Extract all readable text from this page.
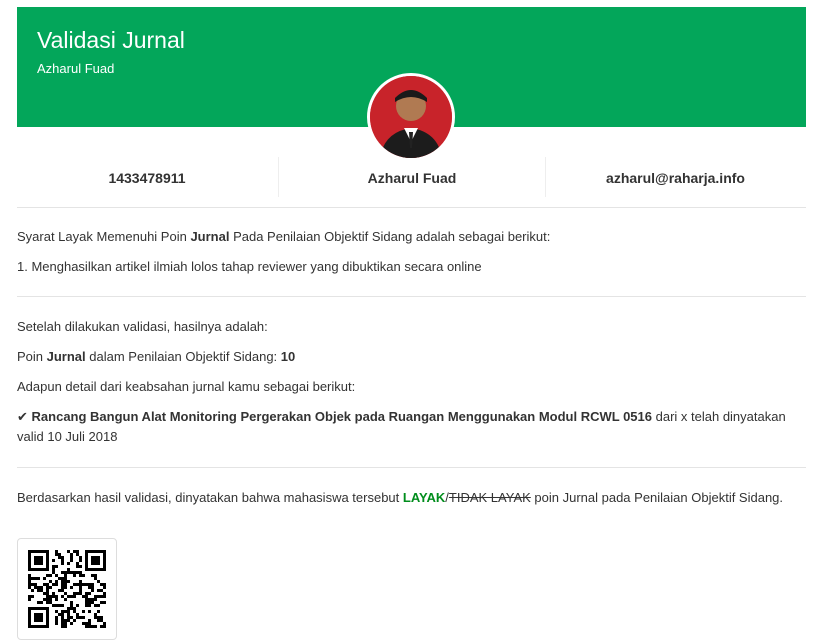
Validasi Jurnal
Azharul Fuad
1433478911	Azharul Fuad	azharul@raharja.info
Syarat Layak Memenuhi Poin Jurnal Pada Penilaian Objektif Sidang adalah sebagai berikut:
1. Menghasilkan artikel ilmiah lolos tahap reviewer yang dibuktikan secara online
Setelah dilakukan validasi, hasilnya adalah:
Poin Jurnal dalam Penilaian Objektif Sidang: 10
Adapun detail dari keabsahan jurnal kamu sebagai berikut:
✔ Rancang Bangun Alat Monitoring Pergerakan Objek pada Ruangan Menggunakan Modul RCWL 0516 dari x telah dinyatakan valid 10 Juli 2018
Berdasarkan hasil validasi, dinyatakan bahwa mahasiswa tersebut LAYAK/TIDAK LAYAK poin Jurnal pada Penilaian Objektif Sidang.
